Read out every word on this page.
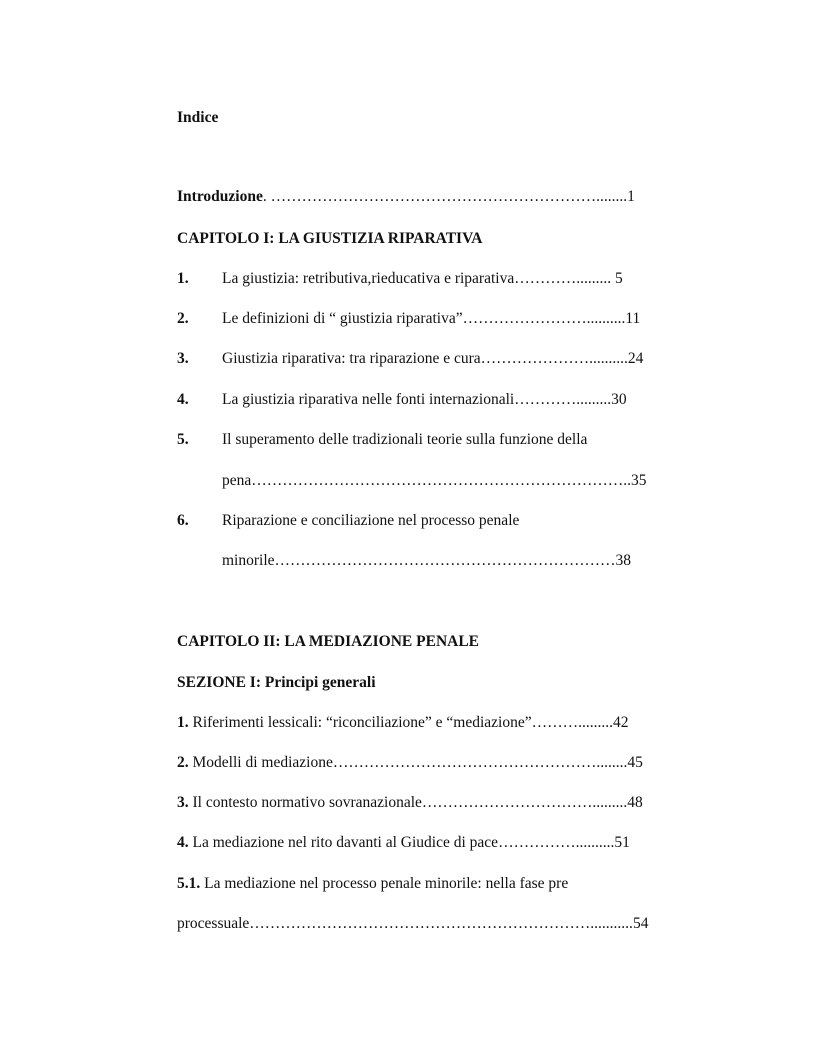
Indice
Introduzione. ………………………………………………………........1
CAPITOLO I: LA GIUSTIZIA RIPARATIVA
1. La giustizia: retributiva,rieducativa e riparativa…………......... 5
2. Le definizioni di “ giustizia riparativa”……………………..........11
3. Giustizia riparativa: tra riparazione e cura…………………..........24
4. La giustizia riparativa nelle fonti internazionali………….........30
5. Il superamento delle tradizionali teorie sulla funzione della
pena………………………………………………………………..35
6. Riparazione e conciliazione nel processo penale
minorile…………………………………………………………38
CAPITOLO II: LA MEDIAZIONE PENALE
SEZIONE I: Principi generali
1. Riferimenti lessicali: “riconciliazione” e “mediazione”……….........42
2. Modelli di mediazione……………………………………………........45
3. Il contesto normativo sovranazionale…………………………….........48
4. La mediazione nel rito davanti al Giudice di pace……………..........51
5.1. La mediazione nel processo penale minorile: nella fase pre
processuale…………………………………………………………...........54
